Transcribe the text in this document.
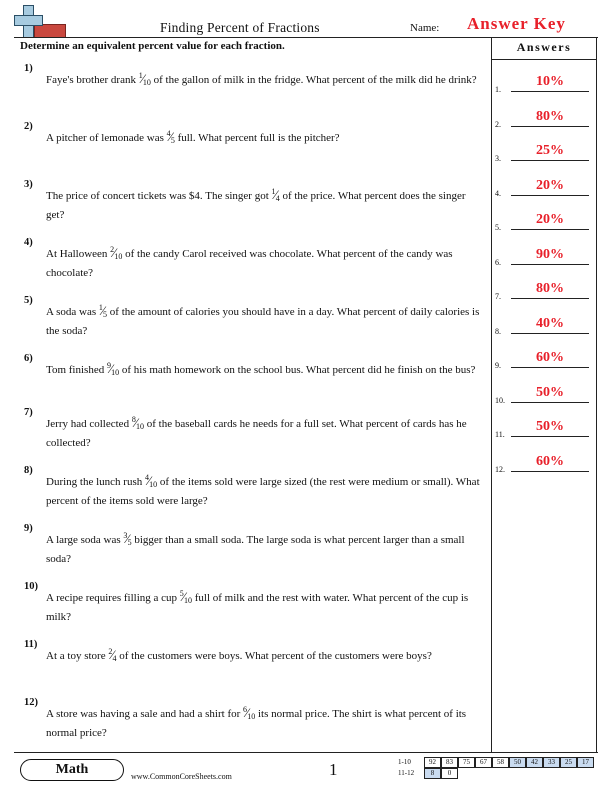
Finding Percent of Fractions	Name: Answer Key
Determine an equivalent percent value for each fraction.
1)
Faye's brother drank $^1⁄_{10}$ of the gallon of milk in the fridge. What percent of the milk did he drink?
2)
A pitcher of lemonade was $^4⁄_5$ full. What percent full is the pitcher?
3)
The price of concert tickets was $4. The singer got $^1⁄_4$ of the price. What percent does the singer get?
4)
At Halloween $^2⁄_{10}$ of the candy Carol received was chocolate. What percent of the candy was chocolate?
5)
A soda was $^1⁄_5$ of the amount of calories you should have in a day. What percent of daily calories is the soda?
6)
Tom finished $^9⁄_{10}$ of his math homework on the school bus. What percent did he finish on the bus?
7)
Jerry had collected $^8⁄_{10}$ of the baseball cards he needs for a full set. What percent of cards has he collected?
8)
During the lunch rush $^4⁄_{10}$ of the items sold were large sized (the rest were medium or small). What percent of the items sold were large?
9)
A large soda was $^3⁄_5$ bigger than a small soda. The large soda is what percent larger than a small soda?
10)
A recipe requires filling a cup $^5⁄_{10}$ full of milk and the rest with water. What percent of the cup is milk?
11)
At a toy store $^2⁄_4$ of the customers were boys. What percent of the customers were boys?
12)
A store was having a sale and had a shirt for $^6⁄_{10}$ its normal price. The shirt is what percent of its normal price?
Answers
1.
10%
2.
80%
3.
25%
4.
20%
5.
20%
6.
90%
7.
80%
8.
40%
9.
60%
10.
50%
11.
50%
12.
60%
Math	www.CommonCoreSheets.com	1	1-10	92	83	75	67	58	50	42	33	25	17
11-12	8	0
